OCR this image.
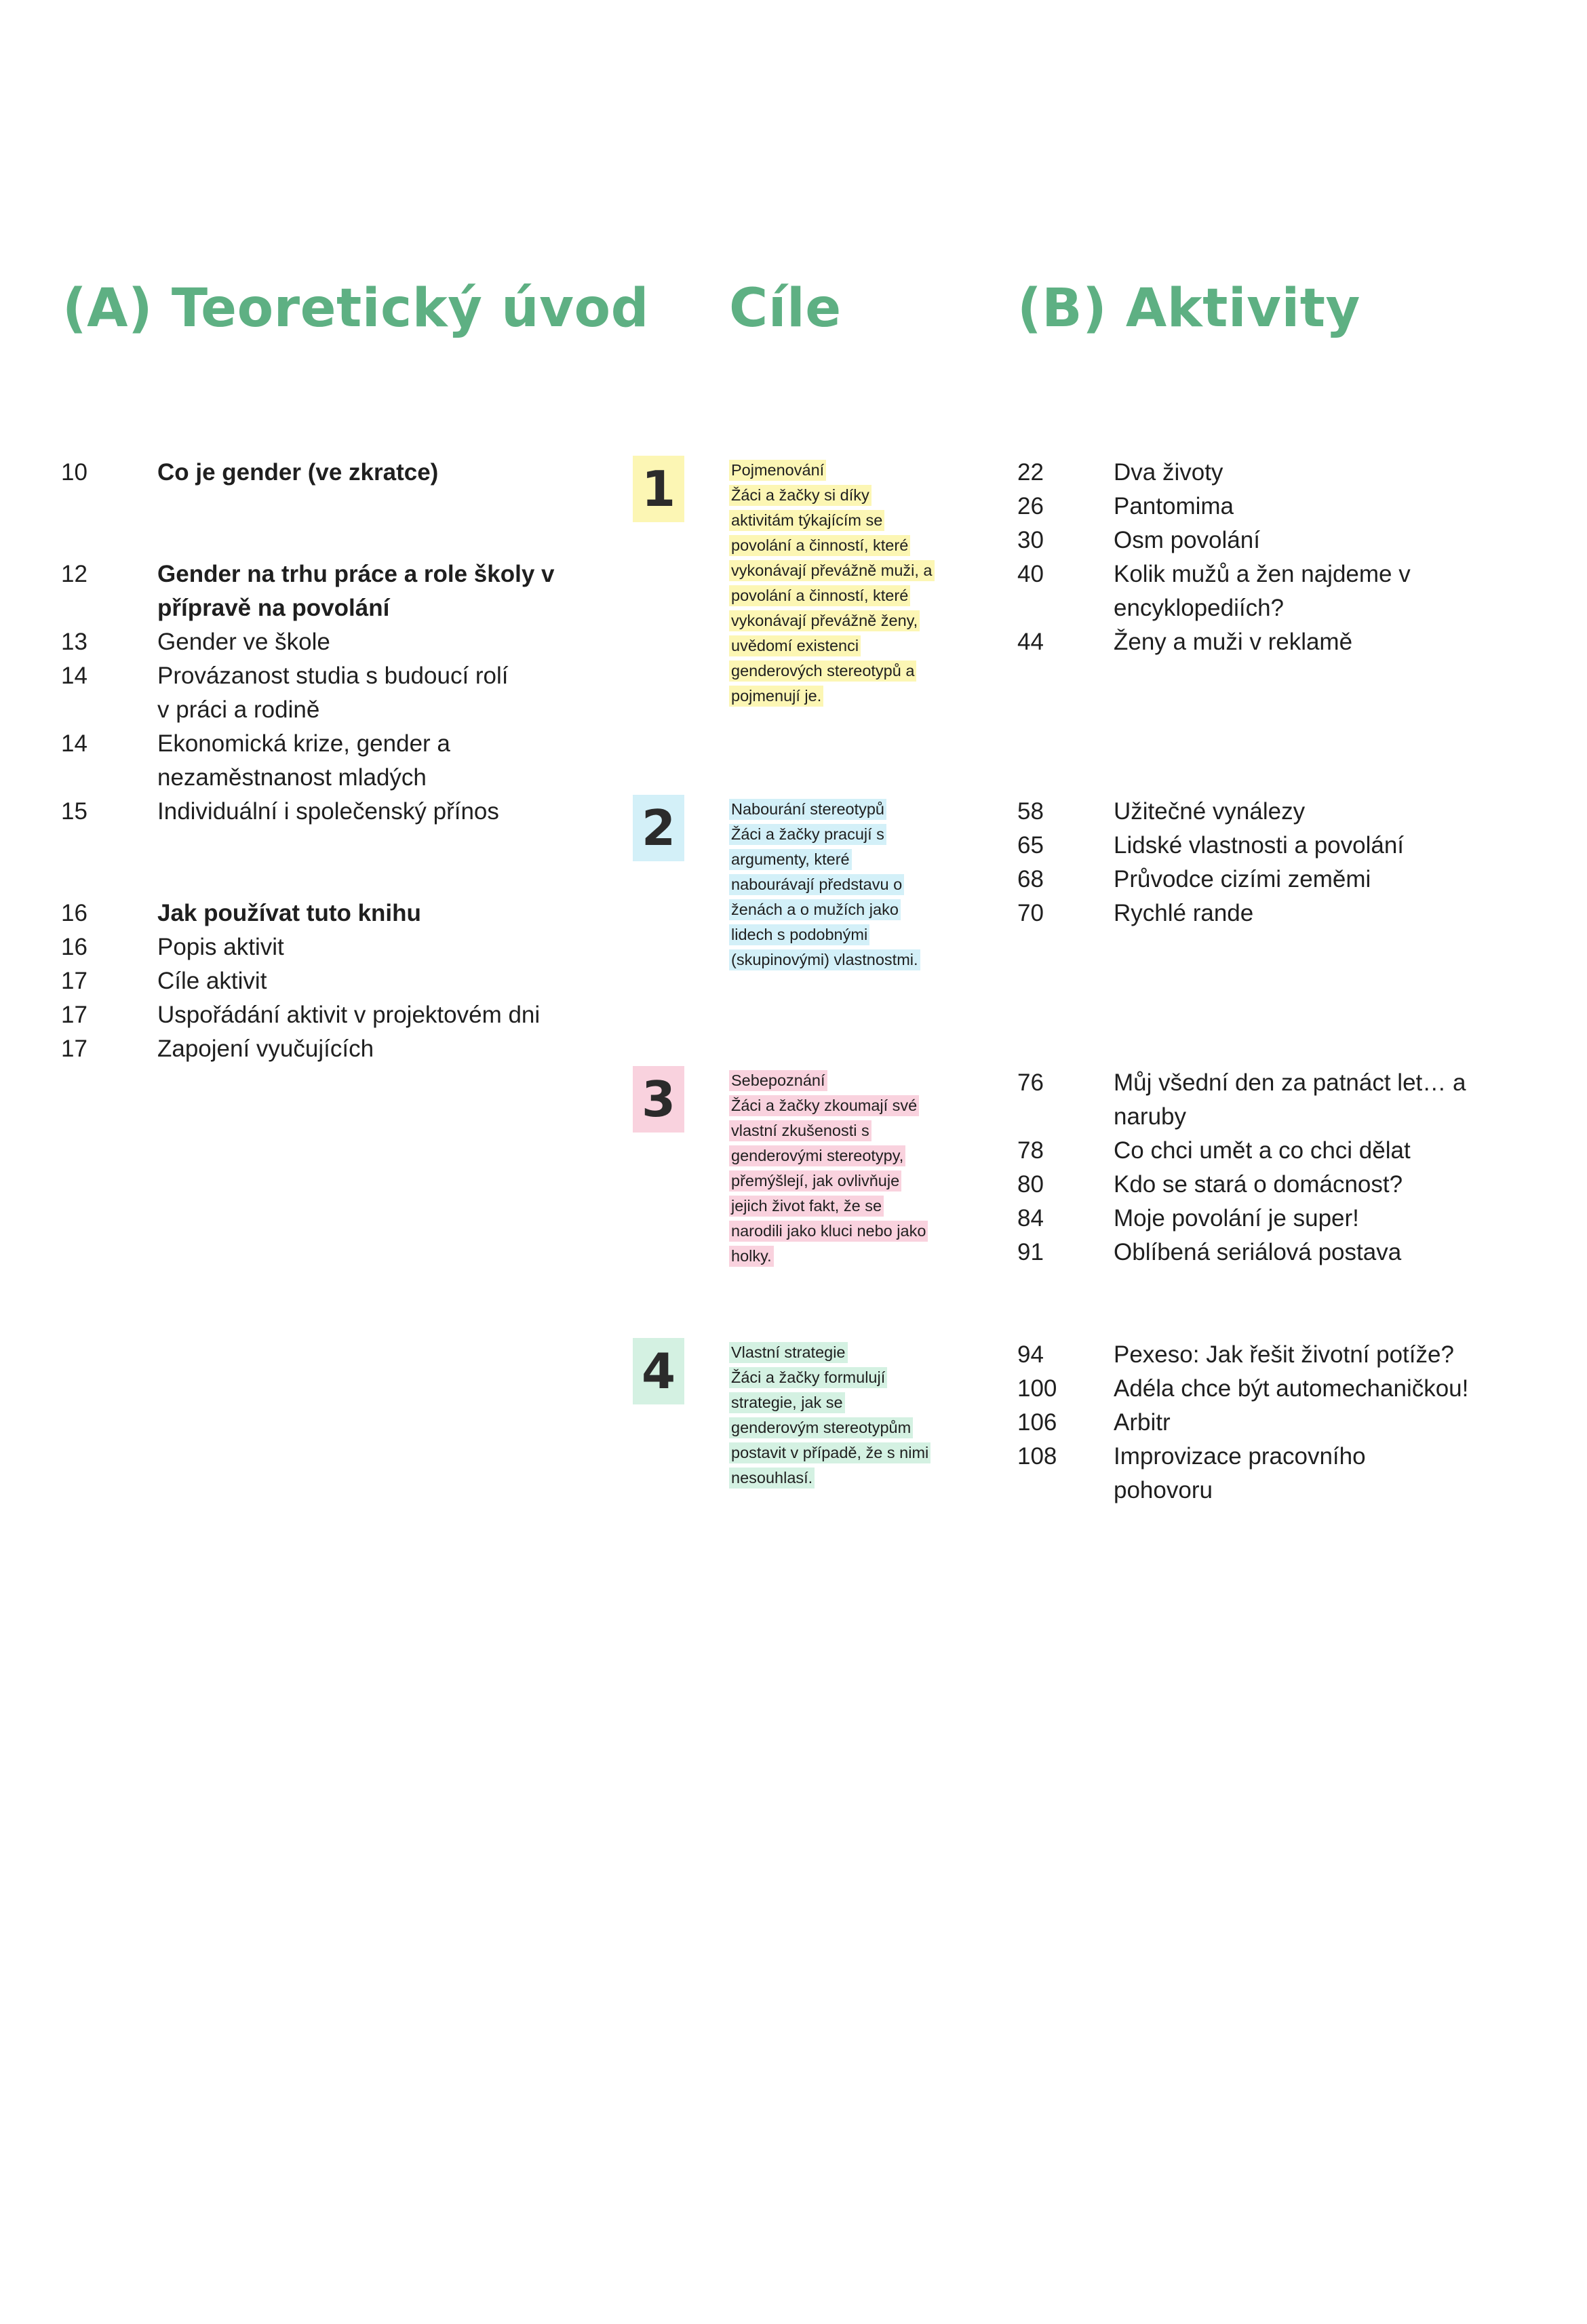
(A) Teoretický úvod Cíle	(B) Aktivity
10	Co je gender (ve zkratce)
12	Gender na trhu práce a role školy v přípravě na povolání
13	Gender ve škole
14	Provázanost studia s budoucí rolí v práci a rodině
14	Ekonomická krize, gender a nezaměstnanost mladých
15	Individuální i společenský přínos
16	Jak používat tuto knihu
16	Popis aktivit
17	Cíle aktivit
17	Uspořádání aktivit v projektovém dni
17	Zapojení vyučujících
1	Pojmenování
Žáci a žačky si díky aktivitám týkajícím se povolání a činností, které vykonávají převážně muži, a povolání a činností, které vykonávají převážně ženy, uvědomí existenci genderových stereotypů a pojmenují je.
2	Nabourání stereotypů
Žáci a žačky pracují s argumenty, které nabourávají představu o ženách a o mužích jako lidech s podobnými (skupinovými) vlastnostmi.
3	Sebepoznání
Žáci a žačky zkoumají své vlastní zkušenosti s genderovými stereotypy, přemýšlejí, jak ovlivňuje jejich život fakt, že se narodili jako kluci nebo jako holky.
4	Vlastní strategie
Žáci a žačky formulují strategie, jak se genderovým stereotypům postavit v případě, že s nimi nesouhlasí.
22	Dva životy
26	Pantomima
30	Osm povolání
40	Kolik mužů a žen najdeme v encyklopediích?
44	Ženy a muži v reklamě
58	Užitečné vynálezy
65	Lidské vlastnosti a povolání
68	Průvodce cizími zeměmi
70	Rychlé rande
76	Můj všední den za patnáct let… a naruby
78	Co chci umět a co chci dělat
80	Kdo se stará o domácnost?
84	Moje povolání je super!
91	Oblíbená seriálová postava
94	Pexeso: Jak řešit životní potíže?
100	Adéla chce být automechaničkou!
106	Arbitr
108	Improvizace pracovního pohovoru
